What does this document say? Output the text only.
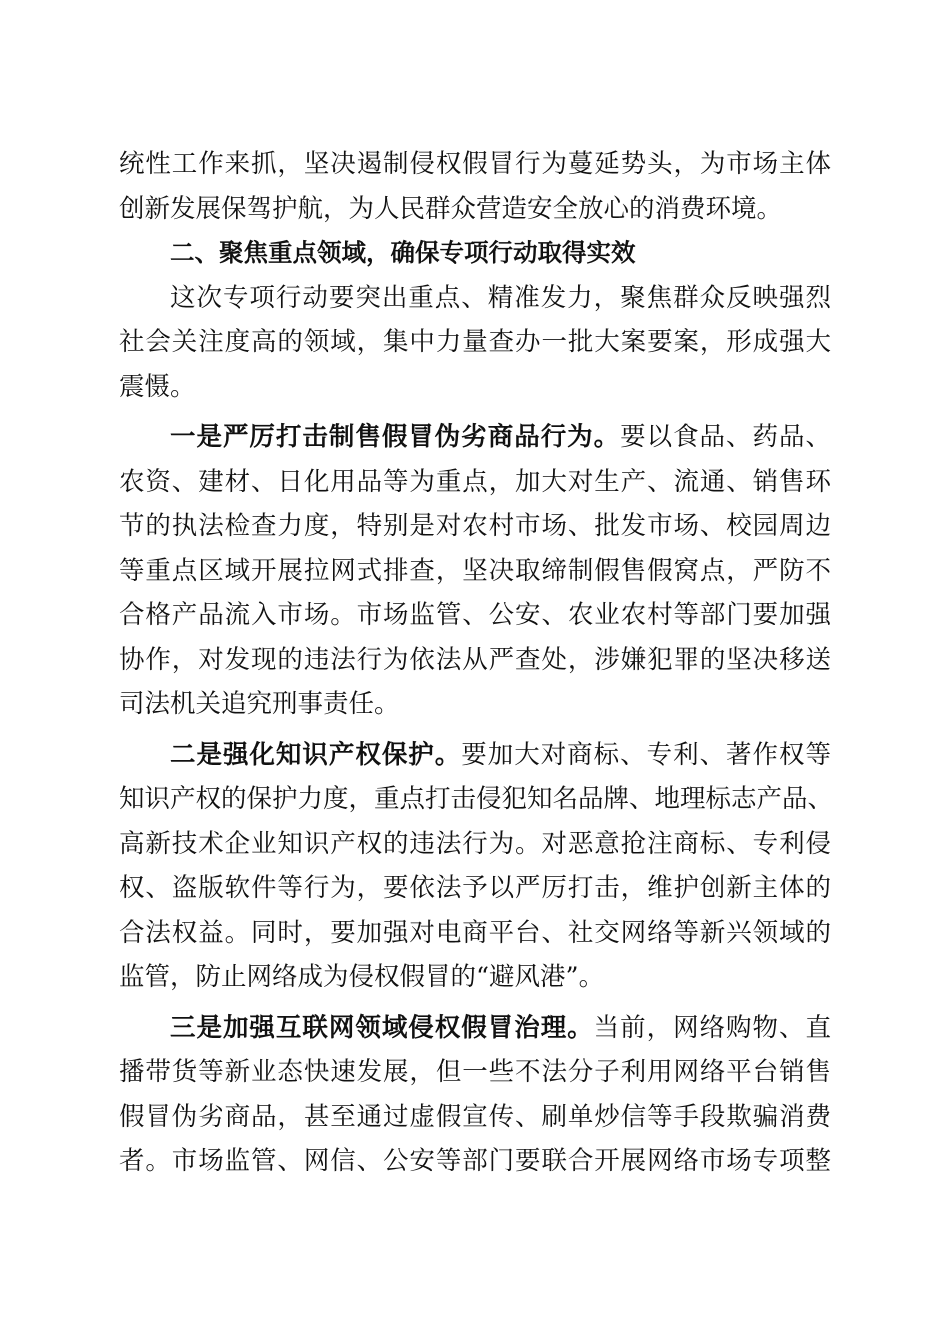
统性工作来抓，坚决遏制侵权假冒行为蔓延势头，为市场主体
创新发展保驾护航，为人民群众营造安全放心的消费环境。
二、聚焦重点领域，确保专项行动取得实效
这次专项行动要突出重点、精准发力，聚焦群众反映强烈
社会关注度高的领域，集中力量查办一批大案要案，形成强大
震慑。
一是严厉打击制售假冒伪劣商品行为。要以食品、药品、
农资、建材、日化用品等为重点，加大对生产、流通、销售环
节的执法检查力度，特别是对农村市场、批发市场、校园周边
等重点区域开展拉网式排查，坚决取缔制假售假窝点，严防不
合格产品流入市场。市场监管、公安、农业农村等部门要加强
协作，对发现的违法行为依法从严查处，涉嫌犯罪的坚决移送
司法机关追究刑事责任。
二是强化知识产权保护。要加大对商标、专利、著作权等
知识产权的保护力度，重点打击侵犯知名品牌、地理标志产品、
高新技术企业知识产权的违法行为。对恶意抢注商标、专利侵
权、盗版软件等行为，要依法予以严厉打击，维护创新主体的
合法权益。同时，要加强对电商平台、社交网络等新兴领域的
监管，防止网络成为侵权假冒的“避风港”。
三是加强互联网领域侵权假冒治理。当前，网络购物、直
播带货等新业态快速发展，但一些不法分子利用网络平台销售
假冒伪劣商品，甚至通过虚假宣传、刷单炒信等手段欺骗消费
者。市场监管、网信、公安等部门要联合开展网络市场专项整
